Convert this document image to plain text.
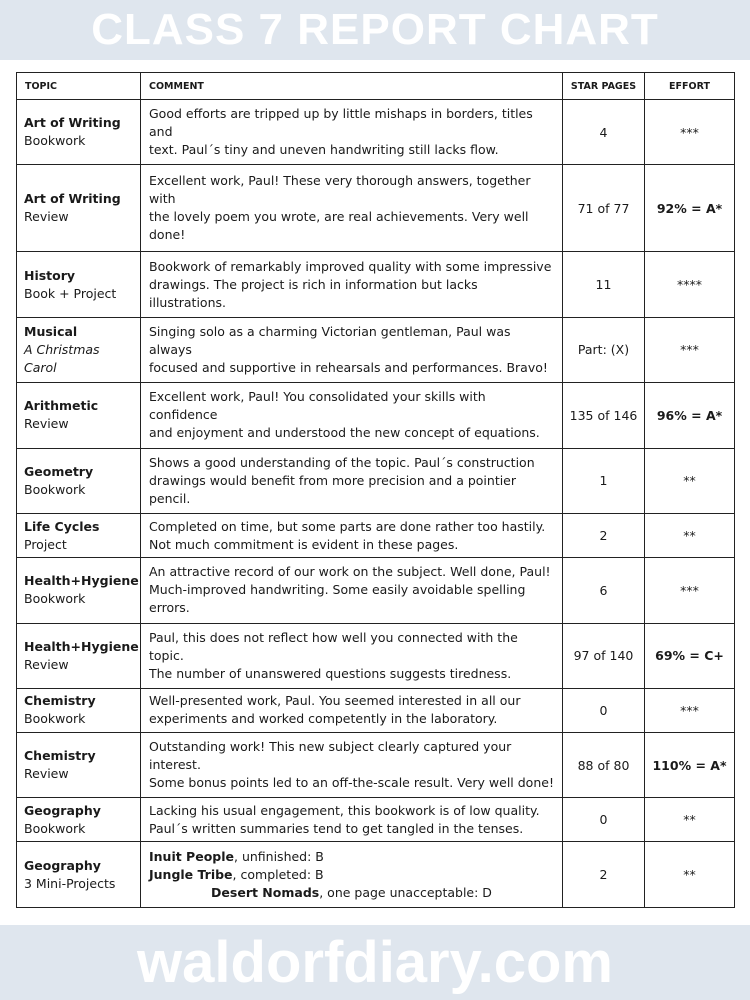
CLASS 7 REPORT CHART
TOPIC	COMMENT	STAR PAGES	EFFORT

Art of Writing
Bookwork	Good efforts are tripped up by little mishaps in borders, titles and
text. Paul´s tiny and uneven handwriting still lacks flow.	4	***

Art of Writing
Review	Excellent work, Paul! These very thorough answers, together with
the lovely poem you wrote, are real achievements. Very well done!	71 of 77	92% = A*

History
Book + Project	Bookwork of remarkably improved quality with some impressive
drawings. The project is rich in information but lacks illustrations.	11	****

Musical
A Christmas Carol	Singing solo as a charming Victorian gentleman, Paul was always
focused and supportive in rehearsals and performances. Bravo!	Part: (X)	***

Arithmetic
Review	Excellent work, Paul! You consolidated your skills with confidence
and enjoyment and understood the new concept of equations.	135 of 146	96% = A*

Geometry
Bookwork	Shows a good understanding of the topic. Paul´s construction
drawings would benefit from more precision and a pointier pencil.	1	**

Life Cycles
Project	Completed on time, but some parts are done rather too hastily.
Not much commitment is evident in these pages.	2	**

Health+Hygiene
Bookwork	An attractive record of our work on the subject. Well done, Paul!
Much-improved handwriting. Some easily avoidable spelling errors.	6	***

Health+Hygiene
Review	Paul, this does not reflect how well you connected with the topic.
The number of unanswered questions suggests tiredness.	97 of 140	69% = C+

Chemistry
Bookwork	Well-presented work, Paul. You seemed interested in all our
experiments and worked competently in the laboratory.	0	***

Chemistry
Review	Outstanding work! This new subject clearly captured your interest.
Some bonus points led to an off-the-scale result. Very well done!	88 of 80	110% = A*

Geography
Bookwork	Lacking his usual engagement, this bookwork is of low quality.
Paul´s written summaries tend to get tangled in the tenses.	0	**

Geography
3 Mini-Projects	Inuit People, unfinished: B
Jungle Tribe, completed: B
Desert Nomads, one page unacceptable: D	2	**
waldorfdiary.com
